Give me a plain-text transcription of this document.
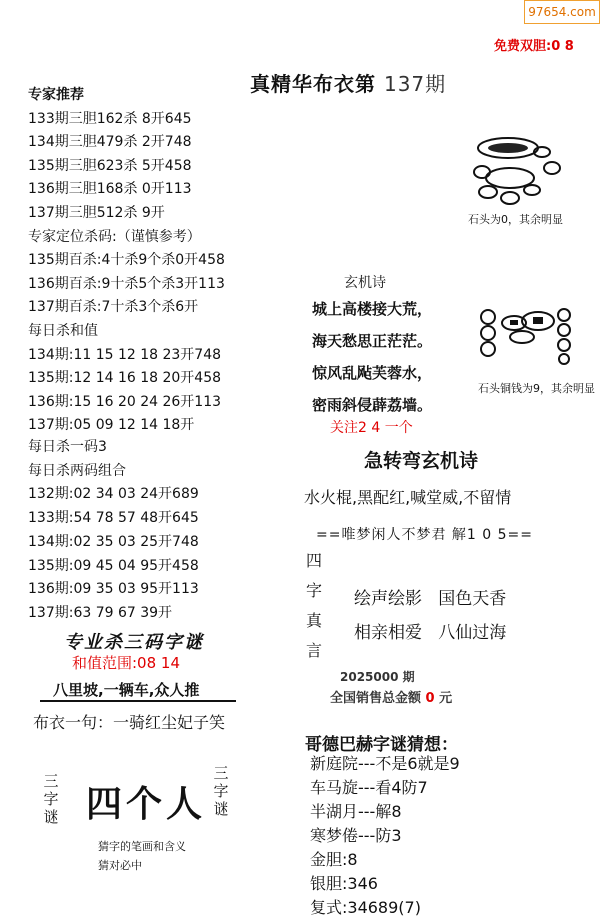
97654.com
免费双胆:0 8
真精华布衣第 137期
专家推荐
133期三胆162杀 8开645
134期三胆479杀 2开748
135期三胆623杀 5开458
136期三胆168杀 0开113
137期三胆512杀 9开
专家定位杀码:（谨慎参考）
135期百杀:4十杀9个杀0开458
136期百杀:9十杀5个杀3开113
137期百杀:7十杀3个杀6开
每日杀和值
134期:11 15 12 18 23开748
135期:12 14 16 18 20开458
136期:15 16 20 24 26开113
137期:05 09 12 14 18开
每日杀一码3
每日杀两码组合
132期:02 34 03 24开689
133期:54 78 57 48开645
134期:02 35 03 25开748
135期:09 45 04 95开458
136期:09 35 03 95开113
137期:63 79 67 39开
专业杀三码字谜
和值范围:08 14
八里坡,一辆车,众人推
布衣一句：一骑红尘妃子笑
三
字
谜 四个人
三
字
谜
猜字的笔画和含义
猜对必中
石头为0，其余明显
石头铜钱为9，其余明显
玄机诗
城上高楼接大荒，
海天愁思正茫茫。
惊风乱飐芙蓉水，
密雨斜侵薜荔墙。
关注2 4 一个
急转弯玄机诗
水火棍,黑配红,喊堂威,不留情
==唯梦闲人不梦君 解1 0 5==
四
字
真
言
绘声绘影 国色天香
相亲相爱 八仙过海
2025000 期
全国销售总金额 0 元
哥德巴赫字谜猜想：
新庭院---不是6就是9
车马旋---看4防7
半湖月---解8
寒梦倦---防3
金胆:8
银胆:346
复式:34689(7)
